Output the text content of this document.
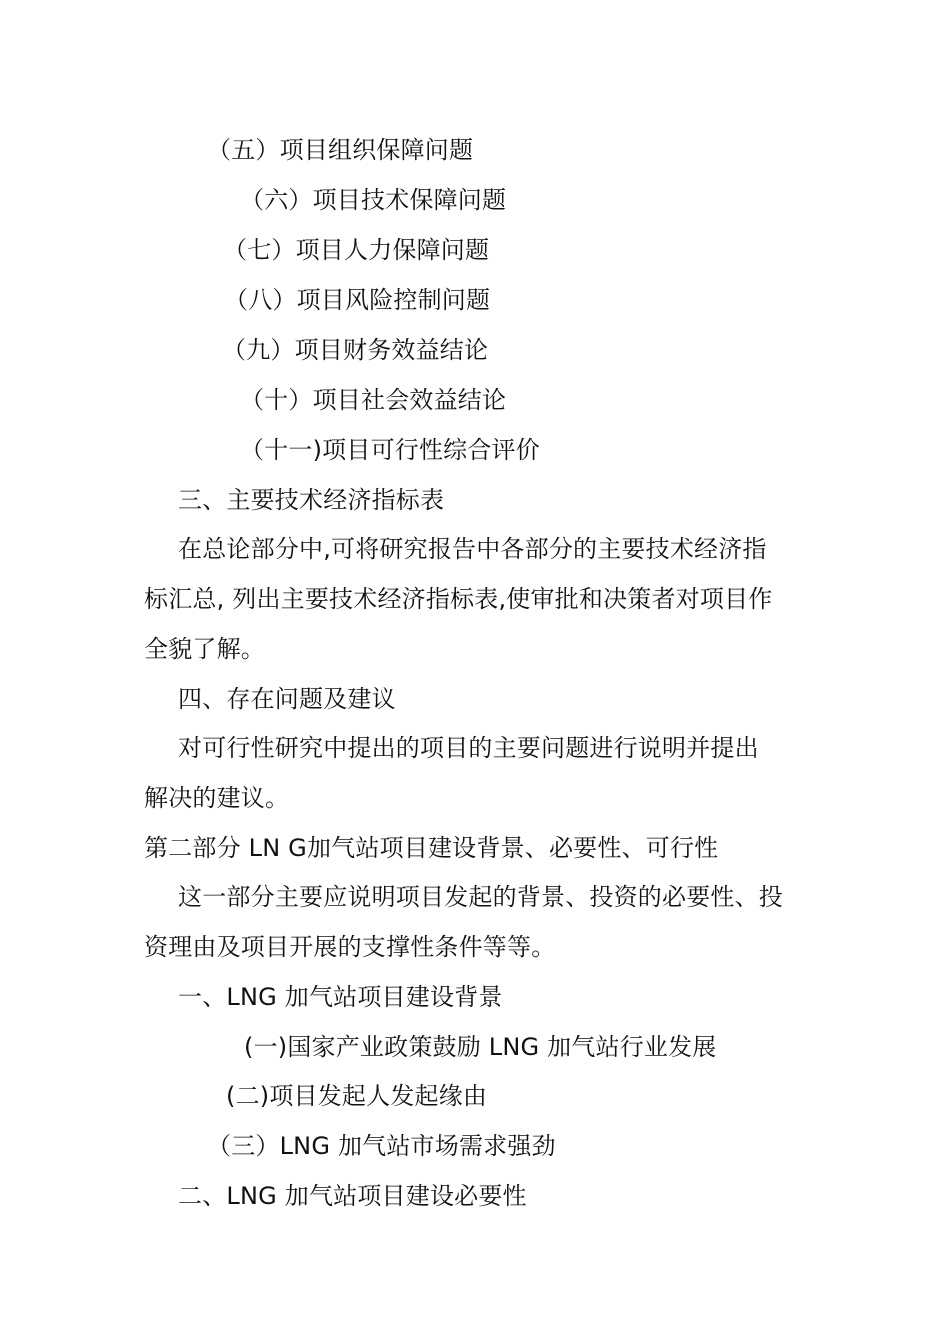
（五）项目组织保障问题
（六）项目技术保障问题
（七）项目人力保障问题
（八）项目风险控制问题
（九）项目财务效益结论
（十）项目社会效益结论
（十一)项目可行性综合评价
三、主要技术经济指标表
在总论部分中,可将研究报告中各部分的主要技术经济指
标汇总, 列出主要技术经济指标表,使审批和决策者对项目作
全貌了解。
四、存在问题及建议
对可行性研究中提出的项目的主要问题进行说明并提出
解决的建议。
第二部分 LN G加气站项目建设背景、必要性、可行性
这一部分主要应说明项目发起的背景、投资的必要性、投
资理由及项目开展的支撑性条件等等。
一、LNG 加气站项目建设背景
(一)国家产业政策鼓励 LNG 加气站行业发展
(二)项目发起人发起缘由
（三）LNG 加气站市场需求强劲
二、LNG 加气站项目建设必要性
